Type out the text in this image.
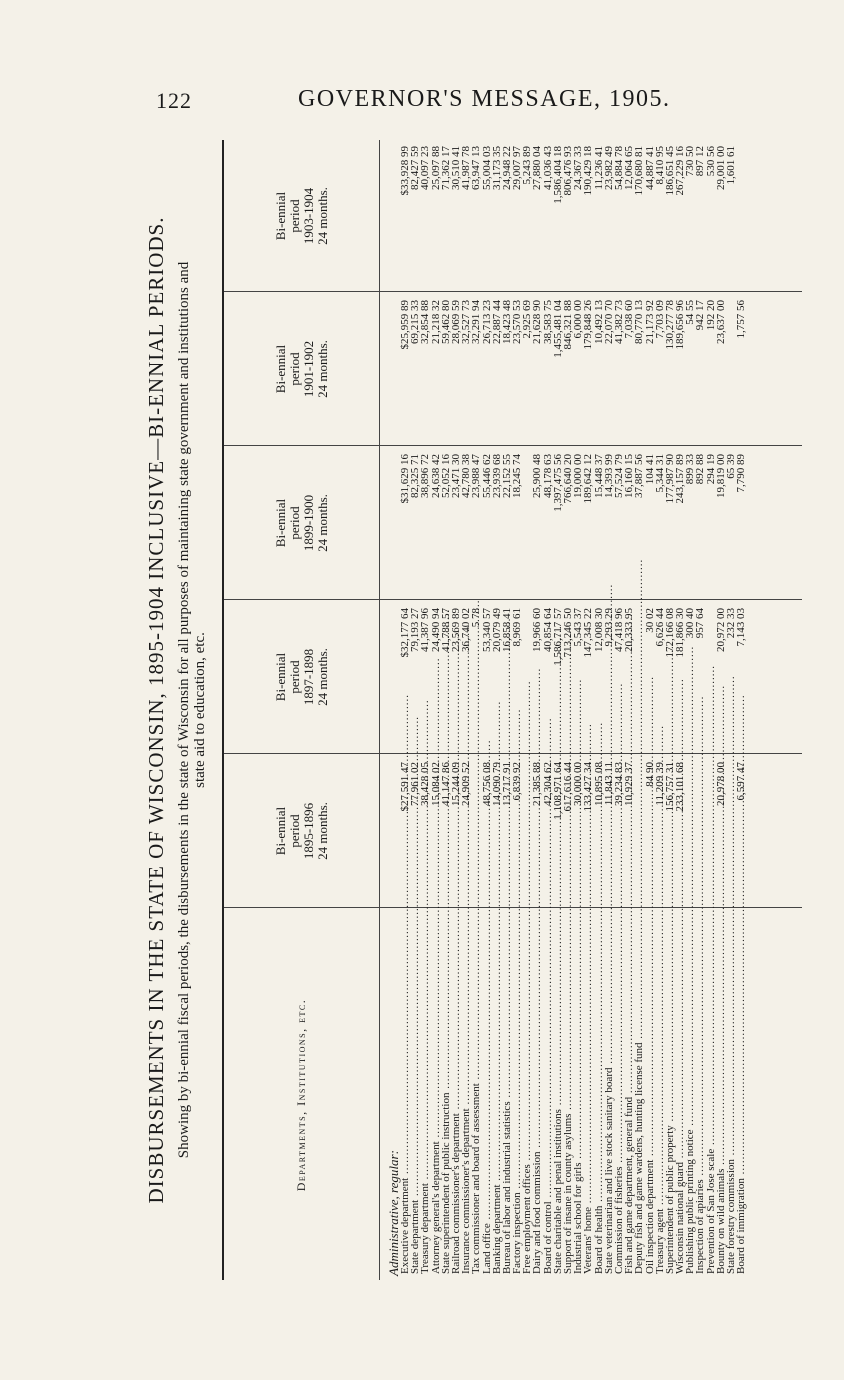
122	GOVERNOR'S MESSAGE, 1905.
DISBURSEMENTS IN THE STATE OF WISCONSIN, 1895-1904 INCLUSIVE—BI-ENNIAL PERIODS. Showing by bi-ennial fiscal periods, the disbursements in the state of Wisconsin for all purposes of maintaining state government and institutions and state aid to education, etc.
Departments, Institutions, etc.
Bi-ennial period 1895-1896 24 months.
Bi-ennial period 1897-1898 24 months.
Bi-ennial period 1899-1900 24 months.
Bi-ennial period 1901-1902 24 months.
Bi-ennial period 1903-1904 24 months.
Administrative, regular:
Executive department .....
$27,591 47
$32,177 64
$31,629 16
$25,959 89
$33,928 99
State department .....
77,961 02
79,193 27
82,325 71
69,215 33
82,427 59
Treasury department .....
38,428 05
41,387 96
38,896 72
32,854 88
40,097 23
Attorney general's department .....
15,084 02
24,490 94
24,638 42
21,218 32
25,097 88
State superintendent of public instruction .....
41,147 86
41,788 57
52,052 16
59,462 80
71,362 17
Railroad commissioner's department .....
15,244 09
23,569 89
23,471 30
28,069 59
30,510 41
Insurance commissioner's department .....
24,909 52
36,740 02
42,780 38
32,527 73
41,987 78
Tax commissioner and board of assessment .....
5 78
23,988 47
32,291 94
63,947 13
Land office .....
48,756 08
53,340 57
55,446 62
26,713 23
55,004 03
Banking department .....
14,090 79
20,079 49
23,939 68
22,887 44
31,173 35
Bureau of labor and industrial statistics .....
13,717 91
16,858 41
22,152 55
18,423 48
24,948 22
Factory inspection .....
6,839 92
8,969 61
18,245 74
23,570 53
29,007 97
Free employment offices .....
2,925 69
5,243 89
Dairy and food commission .....
21,385 88
19,966 60
25,900 48
21,628 90
27,880 04
Board of control .....
42,304 62
40,854 64
48,178 63
38,583 75
41,036 43
State charitable and penal institutions .....
1,108,971 64
1,586,717 57
1,397,475 56
1,455,481 04
1,586,404 18
Support of insane in county asylums .....
617,616 44
713,246 50
766,640 20
846,321 88
806,476 93
Industrial school for girls .....
30,000 00
5,543 37
19,000 00
6,000 00
24,367 33
Veterans' home .....
133,427 34
147,345 22
189,642 12
179,848 26
190,429 18
Board of health .....
10,895 08
12,008 30
15,448 37
10,492 13
11,236 41
State veterinarian and live stock sanitary board .....
11,843 11
9,293 29
14,393 99
22,070 70
23,982 49
Commission of fisheries .....
39,234 83
47,418 96
57,524 79
41,382 73
54,884 78
Fish and game department, general fund .....
10,929 37
20,333 95
16,160 15
7,038 60
12,064 65
Deputy fish and game wardens, hunting license fund .....
37,887 56
80,770 13
170,680 81
Oil inspection department .....
84 90
30 02
104 41
21,173 92
44,887 41
Treasury agent .....
11,209 39
6,626 44
5,344 31
7,703 09
8,410 95
Superintendent of public property .....
156,757 31
172,166 08
177,987 90
130,277 78
186,651 45
Wisconsin national guard .....
233,101 68
181,866 30
243,157 89
189,656 96
267,229 16
Publishing public printing notice .....
300 40
899 33
54 55
730 50
Inspection of apiaries .....
957 64
892 88
942 17
897 12
Prevention of San Jose scale .....
294 19
192 20
530 56
Bounty on wild animals .....
20,978 00
20,972 00
19,819 00
23,637 00
29,001 00
State forestry commission .....
232 33
65 39
1,601 61
Board of immigration .....
6,597 47
7,143 03
7,790 89
1,757 56
